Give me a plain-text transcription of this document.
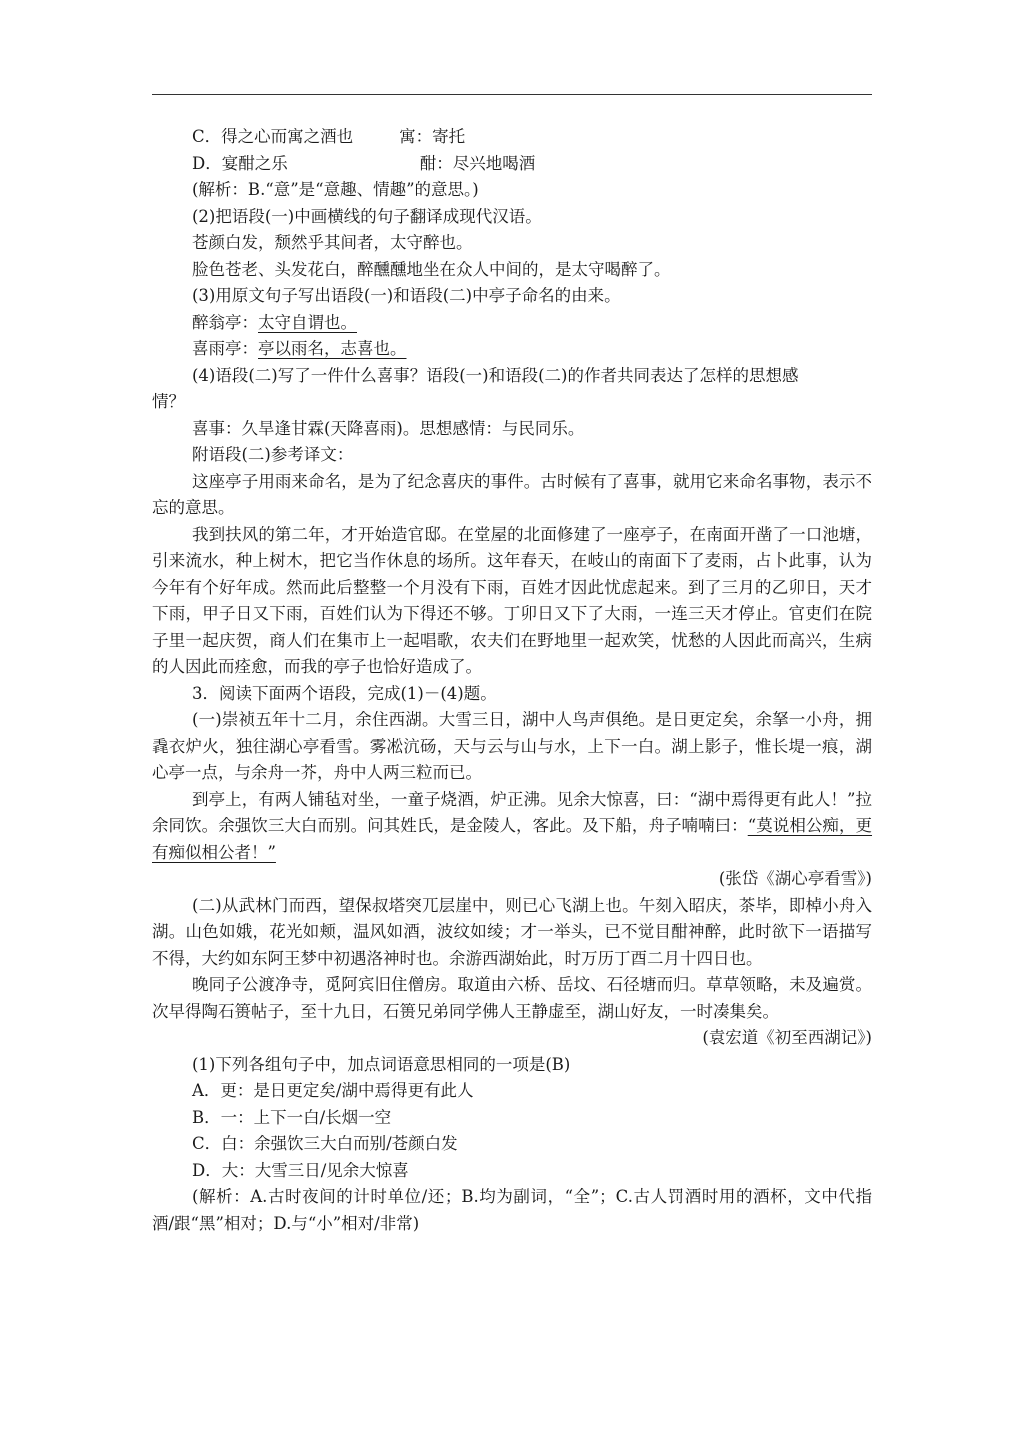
C．得之心而寓之酒也	寓：寄托
D．宴酣之乐	酣：尽兴地喝酒
(解析：B.“意”是“意趣、情趣”的意思。)
(2)把语段(一)中画横线的句子翻译成现代汉语。
苍颜白发，颓然乎其间者，太守醉也。
脸色苍老、头发花白，醉醺醺地坐在众人中间的，是太守喝醉了。
(3)用原文句子写出语段(一)和语段(二)中亭子命名的由来。
醉翁亭：太守自谓也。
喜雨亭：亭以雨名，志喜也。
(4)语段(二)写了一件什么喜事？语段(一)和语段(二)的作者共同表达了怎样的思想感
情？
喜事：久旱逢甘霖(天降喜雨)。思想感情：与民同乐。
附语段(二)参考译文：
这座亭子用雨来命名，是为了纪念喜庆的事件。古时候有了喜事，就用它来命名事物，表示不忘的意思。
我到扶风的第二年，才开始造官邸。在堂屋的北面修建了一座亭子，在南面开凿了一口池塘，引来流水，种上树木，把它当作休息的场所。这年春天，在岐山的南面下了麦雨，占卜此事，认为今年有个好年成。然而此后整整一个月没有下雨，百姓才因此忧虑起来。到了三月的乙卯日，天才下雨，甲子日又下雨，百姓们认为下得还不够。丁卯日又下了大雨，一连三天才停止。官吏们在院子里一起庆贺，商人们在集市上一起唱歌，农夫们在野地里一起欢笑，忧愁的人因此而高兴，生病的人因此而痊愈，而我的亭子也恰好造成了。
3．阅读下面两个语段，完成(1)－(4)题。
(一)崇祯五年十二月，余住西湖。大雪三日，湖中人鸟声俱绝。是日更定矣，余拏一小舟，拥毳衣炉火，独往湖心亭看雪。雾凇沆砀，天与云与山与水，上下一白。湖上影子，惟长堤一痕，湖心亭一点，与余舟一芥，舟中人两三粒而已。
到亭上，有两人铺毡对坐，一童子烧酒，炉正沸。见余大惊喜，曰：“湖中焉得更有此人！”拉余同饮。余强饮三大白而别。问其姓氏，是金陵人，客此。及下船，舟子喃喃曰：“莫说相公痴，更有痴似相公者！”
(张岱《湖心亭看雪》)
(二)从武林门而西，望保叔塔突兀层崖中，则已心飞湖上也。午刻入昭庆，茶毕，即棹小舟入湖。山色如娥，花光如颊，温风如酒，波纹如绫；才一举头，已不觉目酣神醉，此时欲下一语描写不得，大约如东阿王梦中初遇洛神时也。余游西湖始此，时万历丁酉二月十四日也。
晚同子公渡净寺，觅阿宾旧住僧房。取道由六桥、岳坟、石径塘而归。草草领略，未及遍赏。次早得陶石篑帖子，至十九日，石篑兄弟同学佛人王静虚至，湖山好友，一时凑集矣。
(袁宏道《初至西湖记》)
(1)下列各组句子中，加点词语意思相同的一项是(B)
A．更：是日更定矣/湖中焉得更有此人
B．一：上下一白/长烟一空
C．白：余强饮三大白而别/苍颜白发
D．大：大雪三日/见余大惊喜
(解析：A.古时夜间的计时单位/还；B.均为副词，“全”；C.古人罚酒时用的酒杯，文中代指酒/跟“黑”相对；D.与“小”相对/非常)
